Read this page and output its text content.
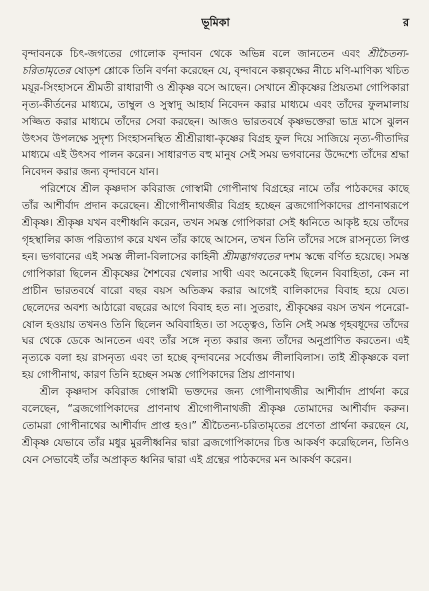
ভূমিকা	র

বৃন্দাবনকে চিৎ-জগতের গোলোক বৃন্দাবন থেকে অভিন্ন বলে জানতেন এবং শ্রীচৈতন্য-চরিতামৃতের ষোড়শ শ্লোকে তিনি বর্ণনা করেছেন যে, বৃন্দাবনে কল্পবৃক্ষের নীচে মণি-মাণিক্য খচিত ময়ূর-সিংহাসনে শ্রীমতী রাধারাণী ও শ্রীকৃষ্ণ বসে আছেন। সেখানে শ্রীকৃষ্ণের প্রিয়তমা গোপিকারা নৃত্য-কীর্তনের মাধ্যমে, তাম্বুল ও সুস্বাদু আহার্য নিবেদন করার মাধ্যমে এবং তাঁদের ফুলমালায় সজ্জিত করার মাধ্যমে তাঁদের সেবা করছেন। আজও ভারতবর্ষে কৃষ্ণভক্তেরা ভাদ্র মাসে ঝুলন উৎসব উপলক্ষে সুদৃশ্য সিংহাসনস্থিত শ্রীশ্রীরাধা-কৃষ্ণের বিগ্রহ ফুল দিয়ে সাজিয়ে নৃত্য-গীতাদির মাধ্যমে এই উৎসব পালন করেন। সাধারণত বহু মানুষ সেই সময় ভগবানের উদ্দেশ্যে তাঁদের শ্রদ্ধা নিবেদন করার জন্য বৃন্দাবনে যান।

পরিশেষে শ্রীল কৃষ্ণদাস কবিরাজ গোস্বামী গোপীনাথ বিগ্রহের নামে তাঁর পাঠকদের কাছে তাঁর আশীর্বাদ প্রদান করেছেন। শ্রীগোপীনাথজীর বিগ্রহ হচ্ছেন ব্রজগোপিকাদের প্রাণনাথরূপে শ্রীকৃষ্ণ। শ্রীকৃষ্ণ যখন বংশীধ্বনি করেন, তখন সমস্ত গোপিকারা সেই ধ্বনিতে আকৃষ্ট হয়ে তাঁদের গৃহস্থালির কাজ পরিত্যাগ করে যখন তাঁর কাছে আসেন, তখন তিনি তাঁদের সঙ্গে রাসনৃত্যে লিপ্ত হন। ভগবানের এই সমস্ত লীলা-বিলাসের কাহিনী শ্রীমদ্ভাগবতের দশম স্কন্ধে বর্ণিত হয়েছে। সমস্ত গোপিকারা ছিলেন শ্রীকৃষ্ণের শৈশবের খেলার সাথী এবং অনেকেই ছিলেন বিবাহিতা, কেন না প্রাচীন ভারতবর্ষে বারো বছর বয়স অতিক্রম করার আগেই বালিকাদের বিবাহ হয়ে যেত। ছেলেদের অবশ্য আঠারো বছরের আগে বিবাহ হত না। সুতরাং, শ্রীকৃষ্ণের বয়স তখন পনেরো-ষোল হওয়ায় তখনও তিনি ছিলেন অবিবাহিত। তা সত্ত্বেও, তিনি সেই সমস্ত গৃহবধূদের তাঁদের ঘর থেকে ডেকে আনতেন এবং তাঁর সঙ্গে নৃত্য করার জন্য তাঁদের অনুপ্রাণিত করতেন। এই নৃত্যকে বলা হয় রাসনৃত্য এবং তা হচ্ছে বৃন্দাবনের সর্বোত্তম লীলাবিলাস। তাই শ্রীকৃষ্ণকে বলা হয় গোপীনাথ, কারণ তিনি হচ্ছেন সমস্ত গোপিকাদের প্রিয় প্রাণনাথ।

শ্রীল কৃষ্ণদাস কবিরাজ গোস্বামী ভক্তদের জন্য গোপীনাথজীর আশীর্বাদ প্রার্থনা করে বলেছেন, “ব্রজগোপিকাদের প্রাণনাথ শ্রীগোপীনাথজী শ্রীকৃষ্ণ তোমাদের আশীর্বাদ করুন। তোমরা গোপীনাথের আশীর্বাদ প্রাপ্ত হও।” শ্রীচৈতন্য-চরিতামৃতের প্রণেতা প্রার্থনা করছেন যে, শ্রীকৃষ্ণ যেভাবে তাঁর মধুর মুরলীধ্বনির দ্বারা ব্রজগোপিকাদের চিত্ত আকর্ষণ করেছিলেন, তিনিও যেন সেভাবেই তাঁর অপ্রাকৃত ধ্বনির দ্বারা এই গ্রন্থের পাঠকদের মন আকর্ষণ করেন।
